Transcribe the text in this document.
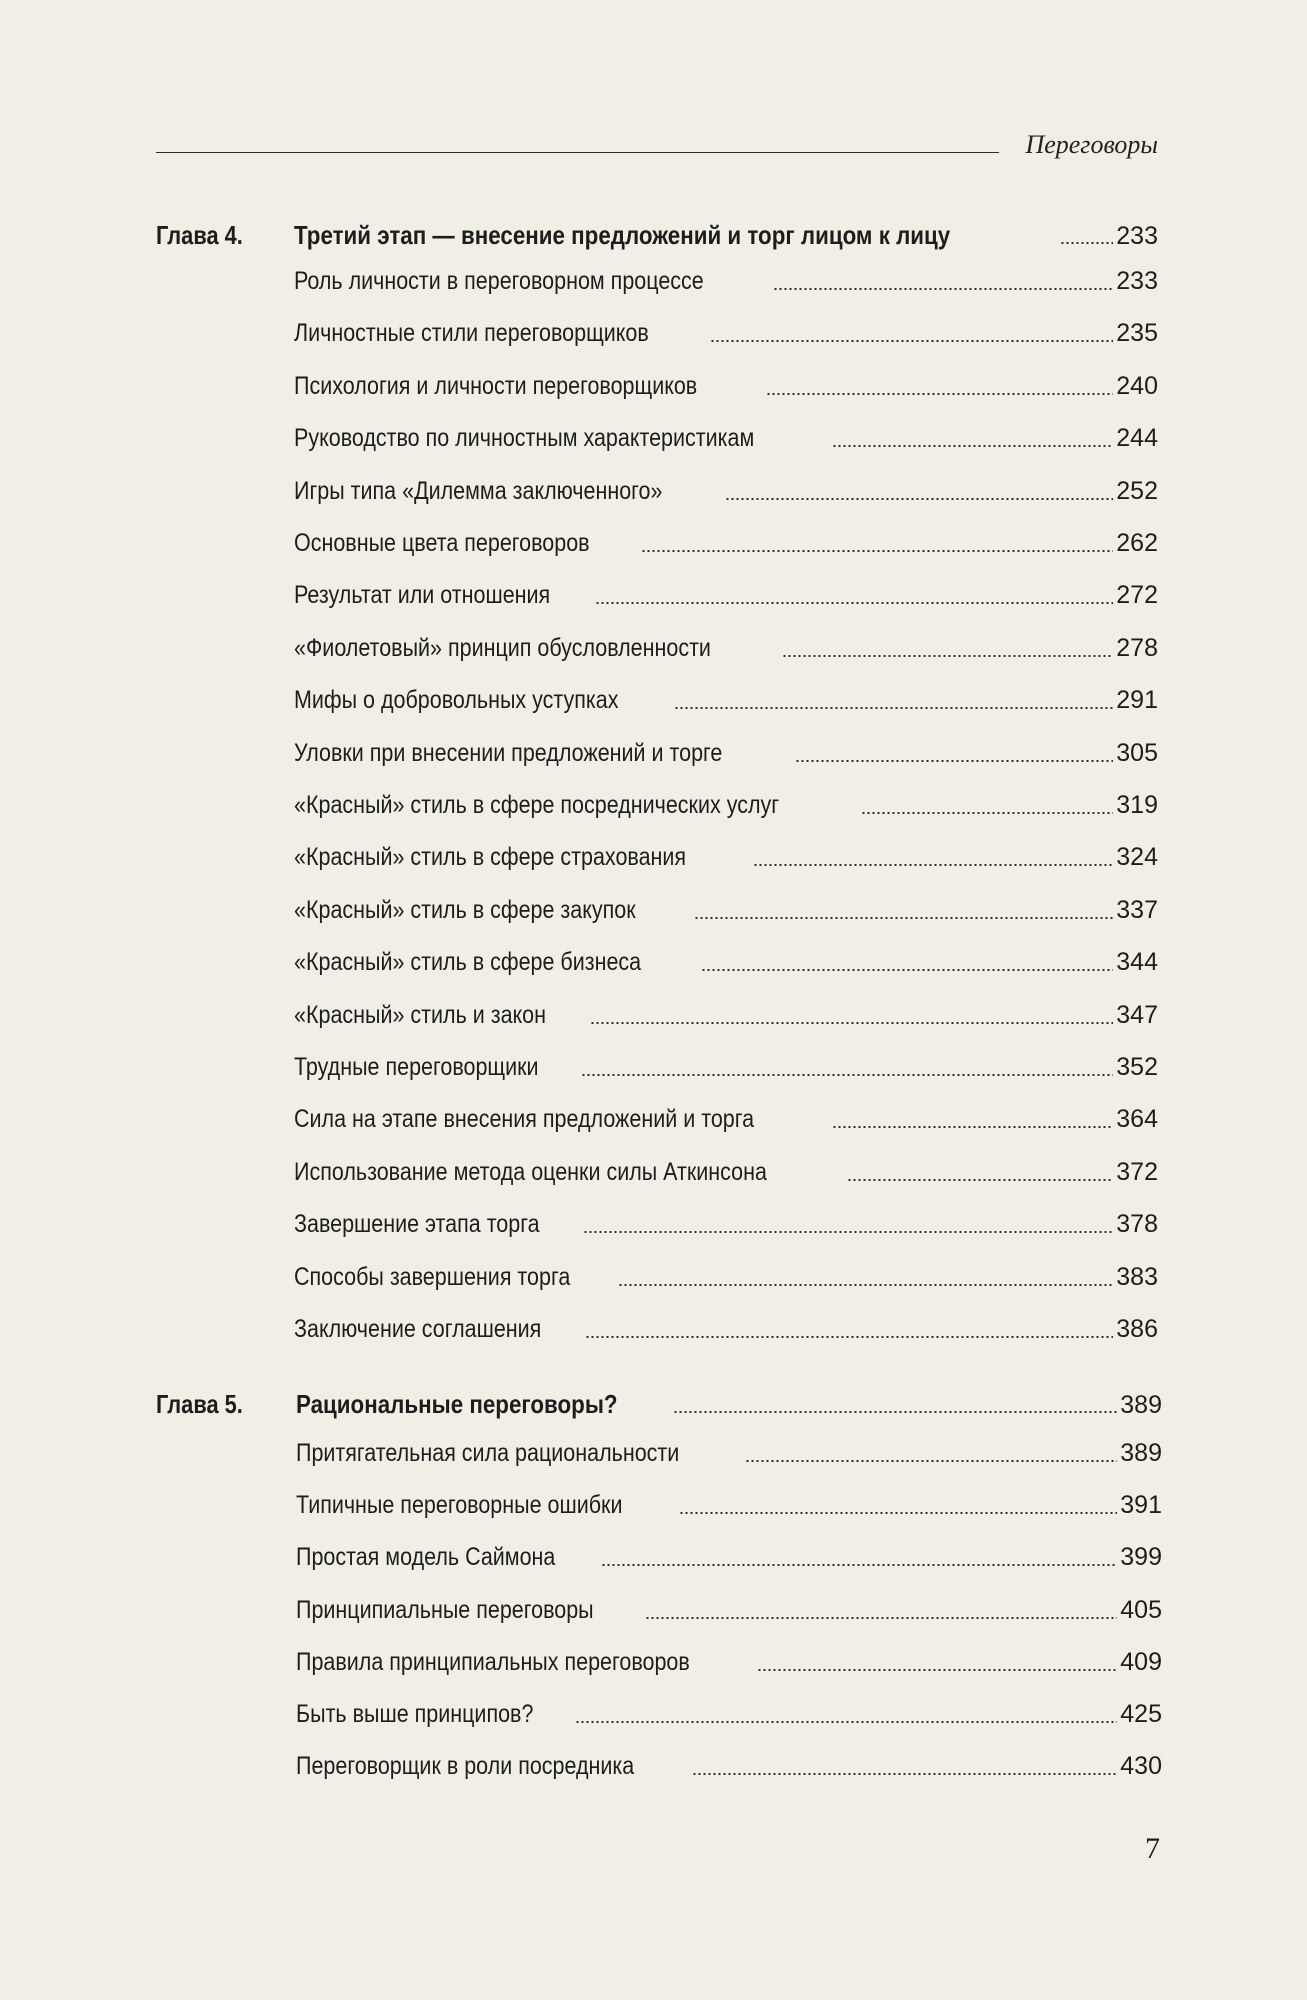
Переговоры
Глава 4. Третий этап — внесение предложений и торг лицом к лицу	233
Роль личности в переговорном процессе	233
Личностные стили переговорщиков	235
Психология и личности переговорщиков	240
Руководство по личностным характеристикам	244
Игры типа «Дилемма заключенного»	252
Основные цвета переговоров	262
Результат или отношения	272
«Фиолетовый» принцип обусловленности	278
Мифы о добровольных уступках	291
Уловки при внесении предложений и торге	305
«Красный» стиль в сфере посреднических услуг	319
«Красный» стиль в сфере страхования	324
«Красный» стиль в сфере закупок	337
«Красный» стиль в сфере бизнеса	344
«Красный» стиль и закон	347
Трудные переговорщики	352
Сила на этапе внесения предложений и торга	364
Использование метода оценки силы Аткинсона	372
Завершение этапа торга	378
Способы завершения торга	383
Заключение соглашения	386
Глава 5. Рациональные переговоры?	389
Притягательная сила рациональности	389
Типичные переговорные ошибки	391
Простая модель Саймона	399
Принципиальные переговоры	405
Правила принципиальных переговоров	409
Быть выше принципов?	425
Переговорщик в роли посредника	430
7
